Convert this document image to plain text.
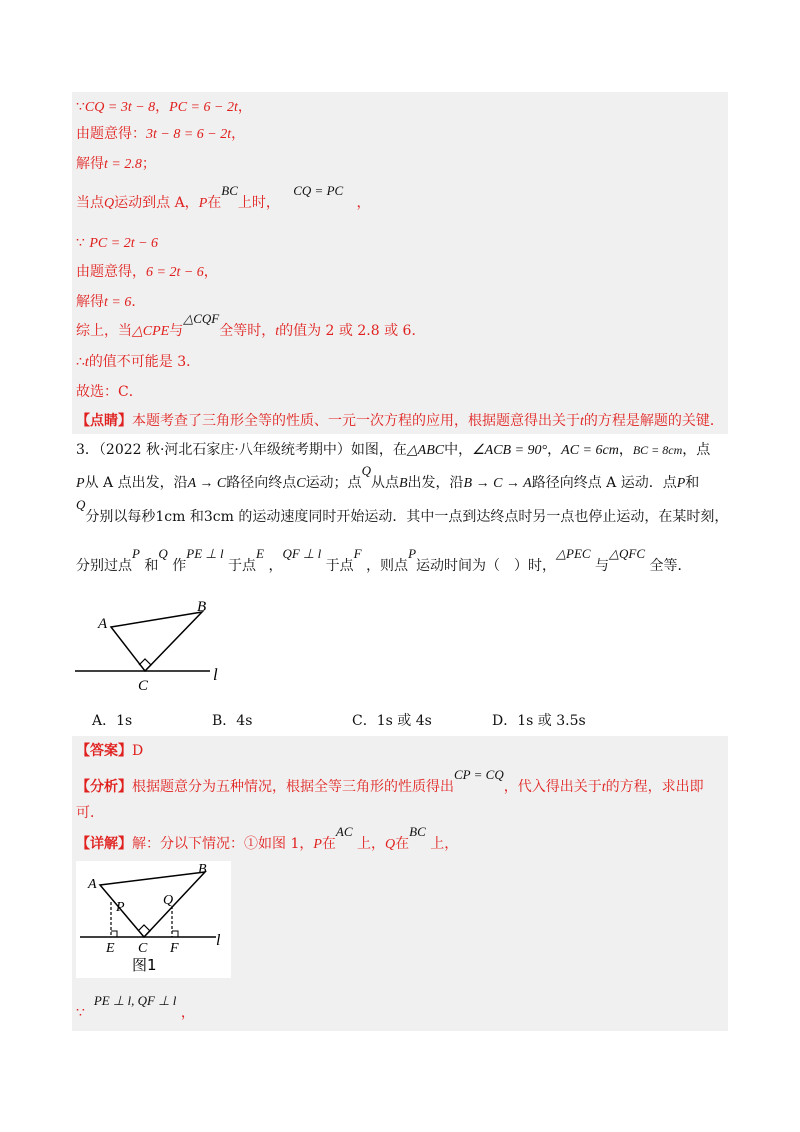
∵CQ = 3t − 8，PC = 6 − 2t，
由题意得：3t − 8 = 6 − 2t，
解得t = 2.8；
当点Q运动到点 A，P在BC上时，   CQ = PC   ，
∵ PC = 2t − 6
由题意得，6 = 2t − 6，
解得t = 6．
综上，当△CPE与△CQF全等时，t的值为 2 或 2.8 或 6．
∴t的值不可能是 3．
故选：C．
【点睛】本题考查了三角形全等的性质、一元一次方程的应用，根据题意得出关于t的方程是解题的关键．
3．（2022 秋·河北石家庄·八年级统考期中）如图，在△ABC中，∠ACB = 90°，AC = 6cm，BC = 8cm，点
P从 A 点出发，沿A → C路径向终点C运动；点Q从点B出发，沿B → C → A路径向终点 A 运动．点P和
Q分别以每秒1cm 和3cm 的运动速度同时开始运动．其中一点到达终点时另一点也停止运动，在某时刻，
分别过点P 和Q 作PE ⊥ l 于点E ，QF ⊥ l 于点F ，则点P运动时间为（　）时，△PEC 与△QFC 全等．
A
B
C
l
A．1s	B．4s	C．1s 或 4s	D．1s 或 3.5s
【答案】D
【分析】根据题意分为五种情况，根据全等三角形的性质得出CP = CQ，代入得出关于t的方程，求出即
可．
【详解】解：分以下情况：①如图 1，P在AC 上，Q在BC 上，
A
B
P	Q
E C F l
图1
∵  PE ⊥ l, QF ⊥ l ，
